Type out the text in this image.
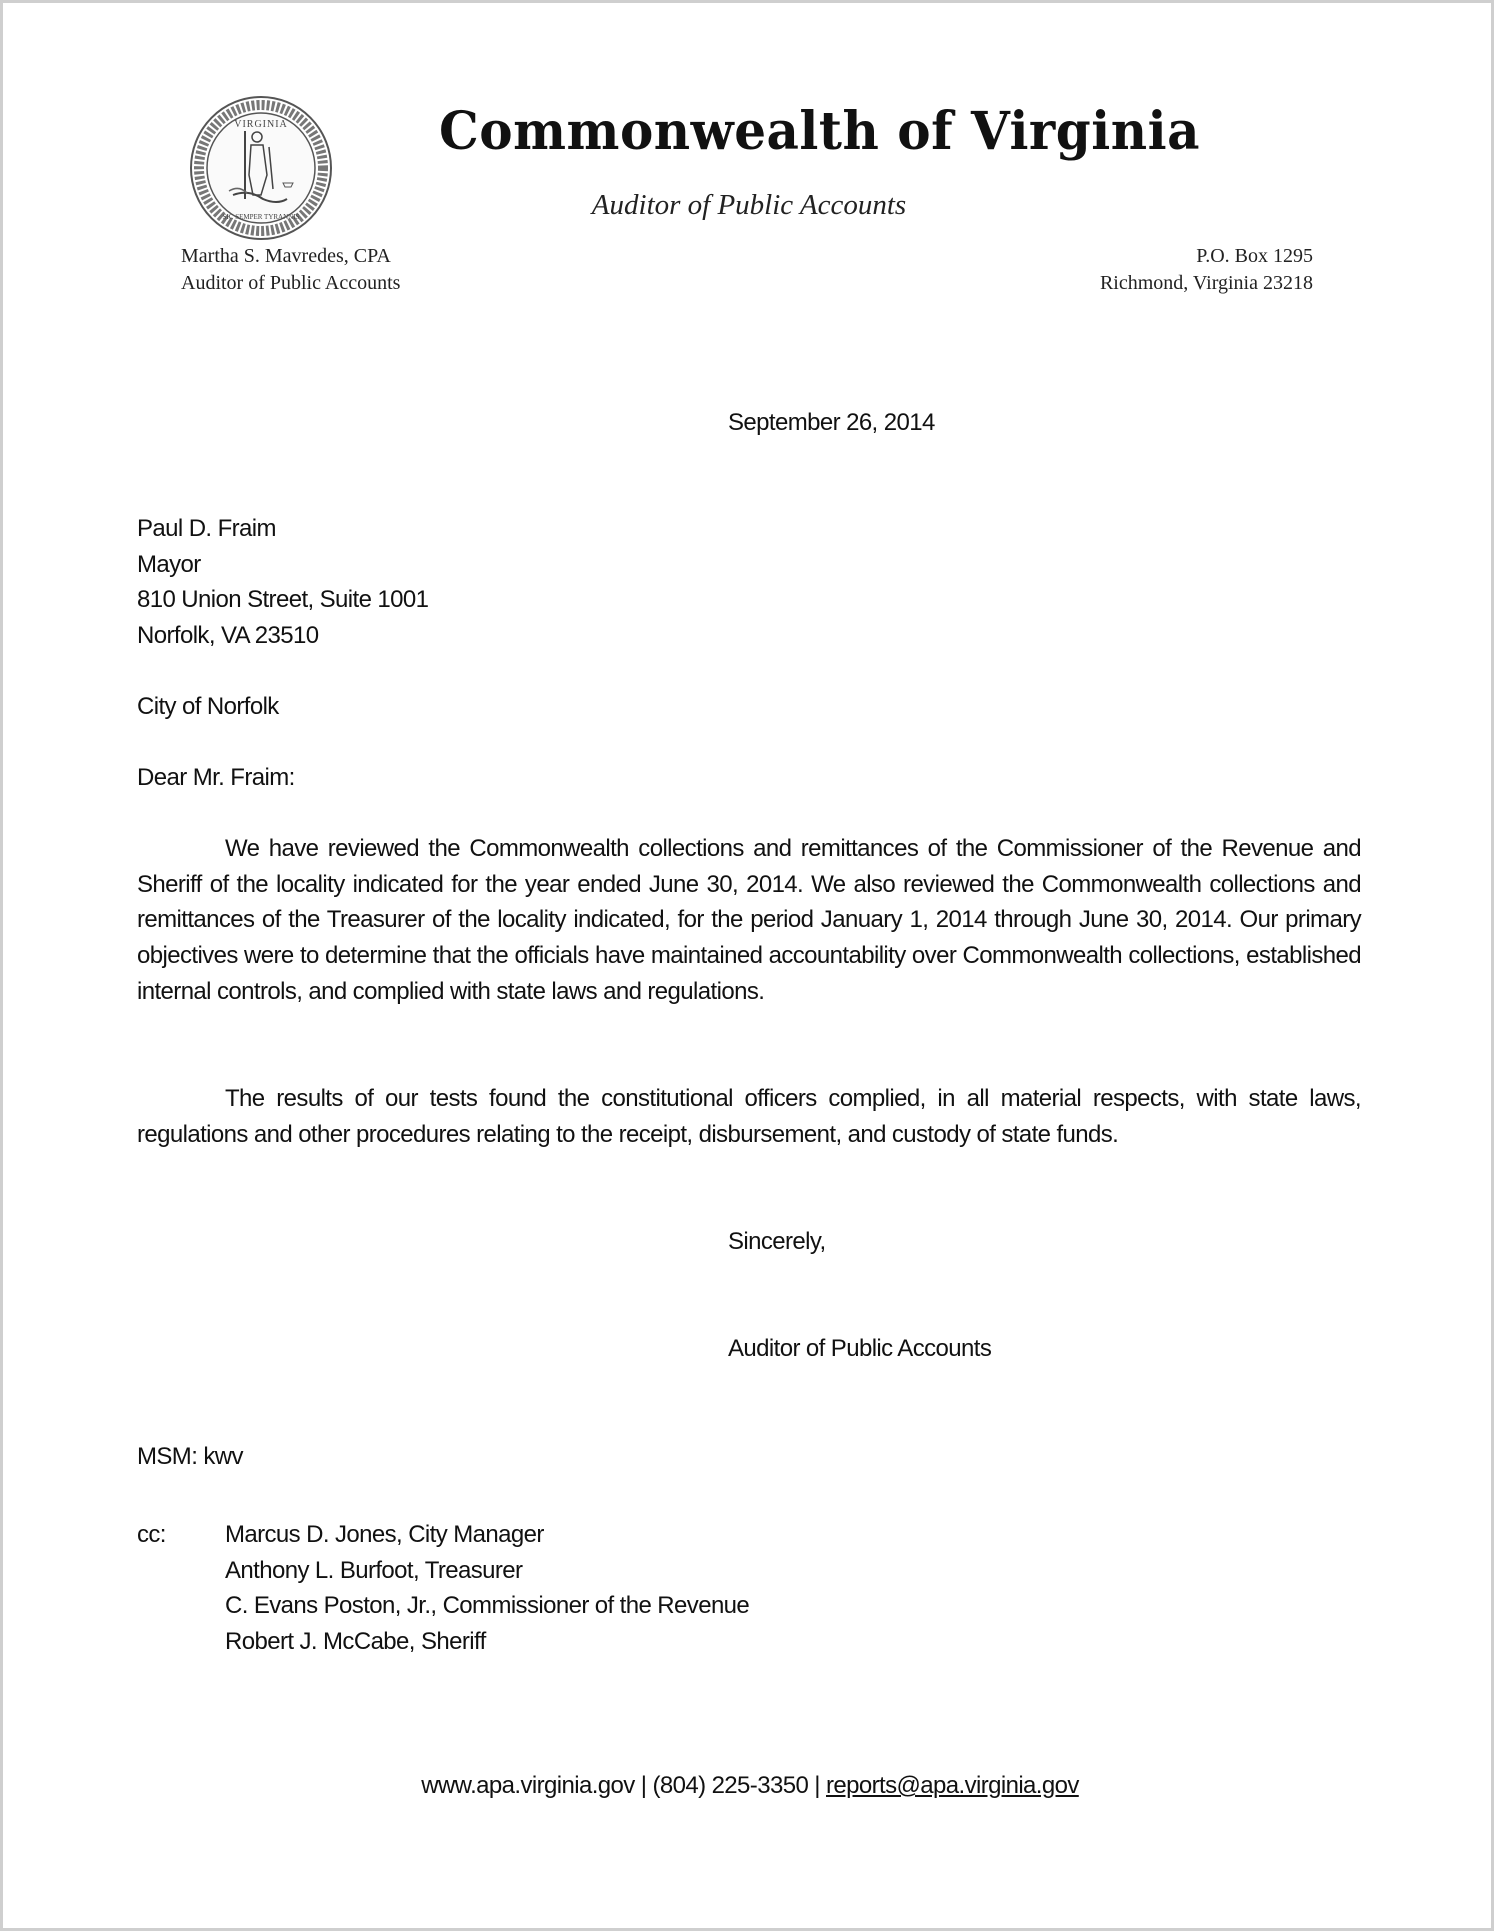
VIRGINIA
SIC SEMPER TYRANNIS
Commonwealth of Virginia
Auditor of Public Accounts
Martha S. Mavredes, CPA
Auditor of Public Accounts
P.O. Box 1295
Richmond, Virginia 23218
September 26, 2014
Paul D. Fraim
Mayor
810 Union Street, Suite 1001
Norfolk, VA 23510
City of Norfolk
Dear Mr. Fraim:

We have reviewed the Commonwealth collections and remittances of the Commissioner of the Revenue and Sheriff of the locality indicated for the year ended June 30, 2014. We also reviewed the Commonwealth collections and remittances of the Treasurer of the locality indicated, for the period January 1, 2014 through June 30, 2014. Our primary objectives were to determine that the officials have maintained accountability over Commonwealth collections, established internal controls, and complied with state laws and regulations.

The results of our tests found the constitutional officers complied, in all material respects, with state laws, regulations and other procedures relating to the receipt, disbursement, and custody of state funds.

Sincerely,
Auditor of Public Accounts
MSM: kwv
cc: Marcus D. Jones, City Manager
Anthony L. Burfoot, Treasurer
C. Evans Poston, Jr., Commissioner of the Revenue
Robert J. McCabe, Sheriff
www.apa.virginia.gov | (804) 225-3350 | reports@apa.virginia.gov
